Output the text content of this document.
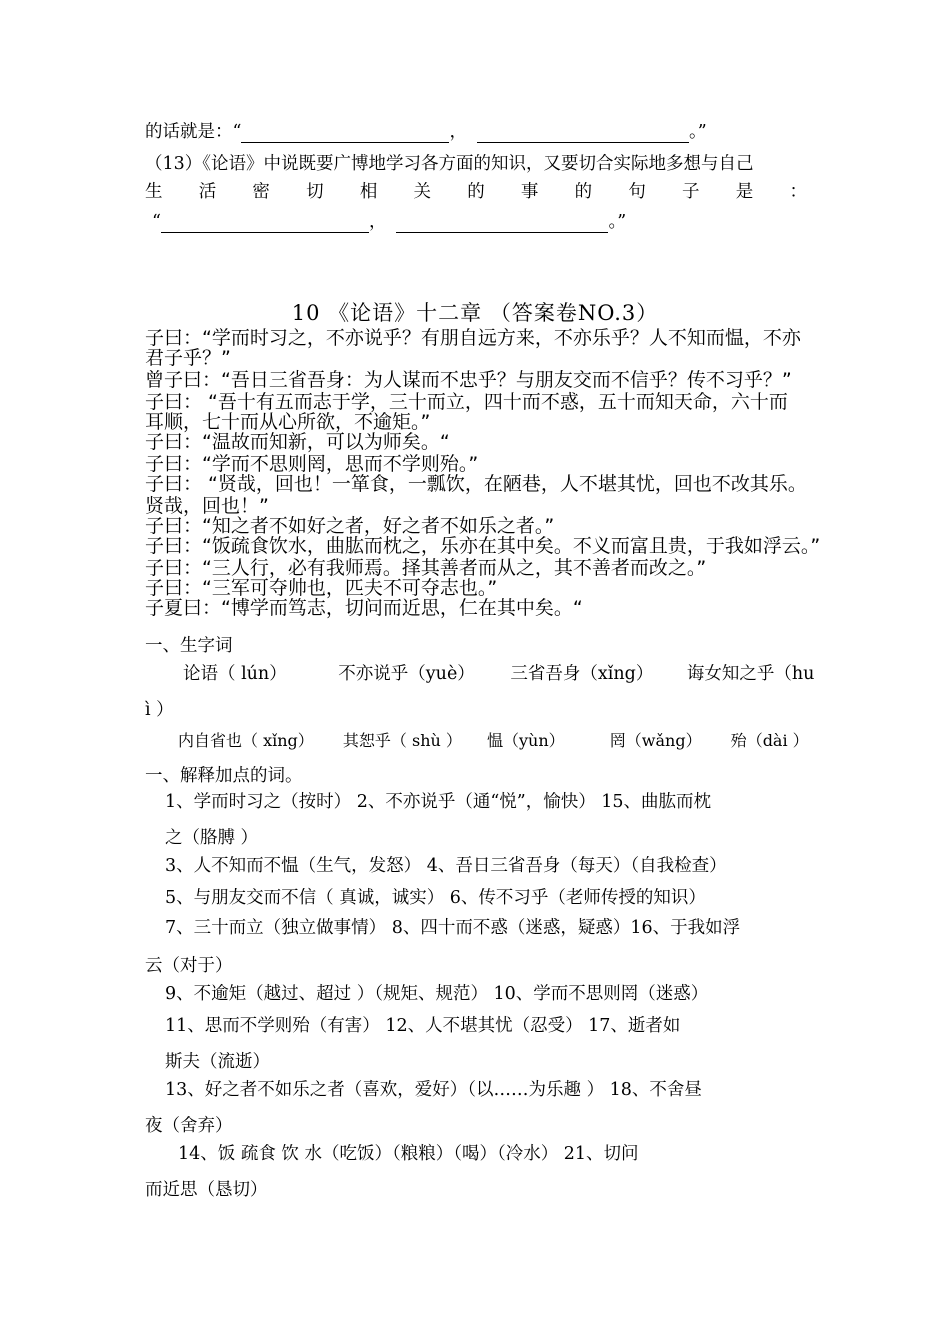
的话就是：“	，	。”
（13）《论语》中说既要广博地学习各方面的知识，又要切合实际地多想与自己
生 活 密 切 相 关 的 事 的 句 子 是 ：
“	，	。”
10 《论语》十二章 （答案卷NO.3）
子曰：“学而时习之，不亦说乎？有朋自远方来，不亦乐乎？人不知而愠，不亦
君子乎？”
曾子曰：“吾日三省吾身：为人谋而不忠乎？与朋友交而不信乎？传不习乎？”
子曰： “吾十有五而志于学，三十而立，四十而不惑，五十而知天命，六十而
耳顺，七十而从心所欲，不逾矩。”
子曰：“温故而知新，可以为师矣。“
子曰：“学而不思则罔，思而不学则殆。”
子曰： “贤哉，回也！一箪食，一瓢饮，在陋巷，人不堪其忧，回也不改其乐。
贤哉，回也！”
子曰：“知之者不如好之者，好之者不如乐之者。”
子曰：“饭疏食饮水，曲肱而枕之，乐亦在其中矣。不义而富且贵，于我如浮云。”
子曰：“三人行，必有我师焉。择其善者而从之，其不善者而改之。”
子曰：“三军可夺帅也，匹夫不可夺志也。”
子夏曰：“博学而笃志，切问而近思，仁在其中矣。“
一、生字词
论语（ lún）	不亦说乎（yuè） 三省吾身（xǐng） 诲女知之乎（hu
ì ）
内自省也（ xǐng） 其恕乎（ shù ） 愠（yùn）	罔（wǎng） 殆（dài ）
一、解释加点的词。
1、学而时习之（按时） 2、不亦说乎（通“悦”，愉快） 15、曲肱而枕
之（胳膊 ）
3、人不知而不愠（生气，发怒） 4、吾日三省吾身（每天）（自我检查）
5、与朋友交而不信（ 真诚，诚实） 6、传不习乎（老师传授的知识）
7、三十而立（独立做事情） 8、四十而不惑（迷惑，疑惑）16、于我如浮
云（对于）
9、不逾矩（越过、超过 ）（规矩、规范） 10、学而不思则罔（迷惑）
11、思而不学则殆（有害） 12、人不堪其忧（忍受） 17、逝者如
斯夫（流逝）
13、好之者不如乐之者（喜欢，爱好）（以……为乐趣 ） 18、不舍昼
夜（舍弃）
14、饭 疏食 饮 水（吃饭）（粮粮）（喝）（冷水） 21、切问
而近思（恳切）
